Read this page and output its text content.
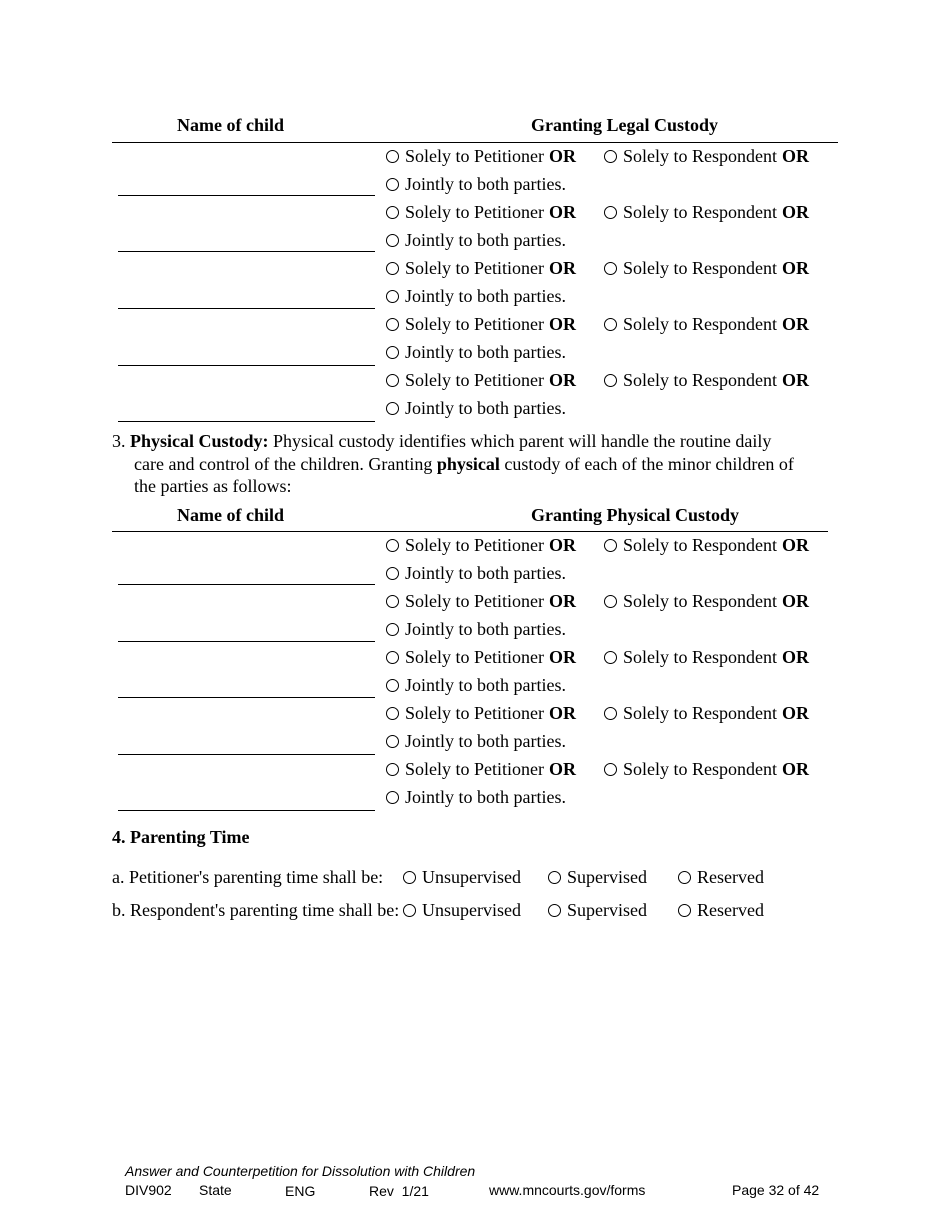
Name of child	Granting Legal Custody
Solely to Petitioner OR	Solely to Respondent OR
Jointly to both parties.
Solely to Petitioner OR	Solely to Respondent OR
Jointly to both parties.
Solely to Petitioner OR	Solely to Respondent OR
Jointly to both parties.
Solely to Petitioner OR	Solely to Respondent OR
Jointly to both parties.
Solely to Petitioner OR	Solely to Respondent OR
Jointly to both parties.
3. Physical Custody: Physical custody identifies which parent will handle the routine daily
care and control of the children. Granting physical custody of each of the minor children of
the parties as follows:
Name of child	Granting Physical Custody
Solely to Petitioner OR	Solely to Respondent OR
Jointly to both parties.
Solely to Petitioner OR	Solely to Respondent OR
Jointly to both parties.
Solely to Petitioner OR	Solely to Respondent OR
Jointly to both parties.
Solely to Petitioner OR	Solely to Respondent OR
Jointly to both parties.
Solely to Petitioner OR	Solely to Respondent OR
Jointly to both parties.
4. Parenting Time
a. Petitioner's parenting time shall be: Unsupervised	Supervised	Reserved
b. Respondent's parenting time shall be: Unsupervised	Supervised	Reserved
Answer and Counterpetition for Dissolution with Children
DIV902 State	ENG	Rev  1/21	www.mncourts.gov/forms	Page 32 of 42
